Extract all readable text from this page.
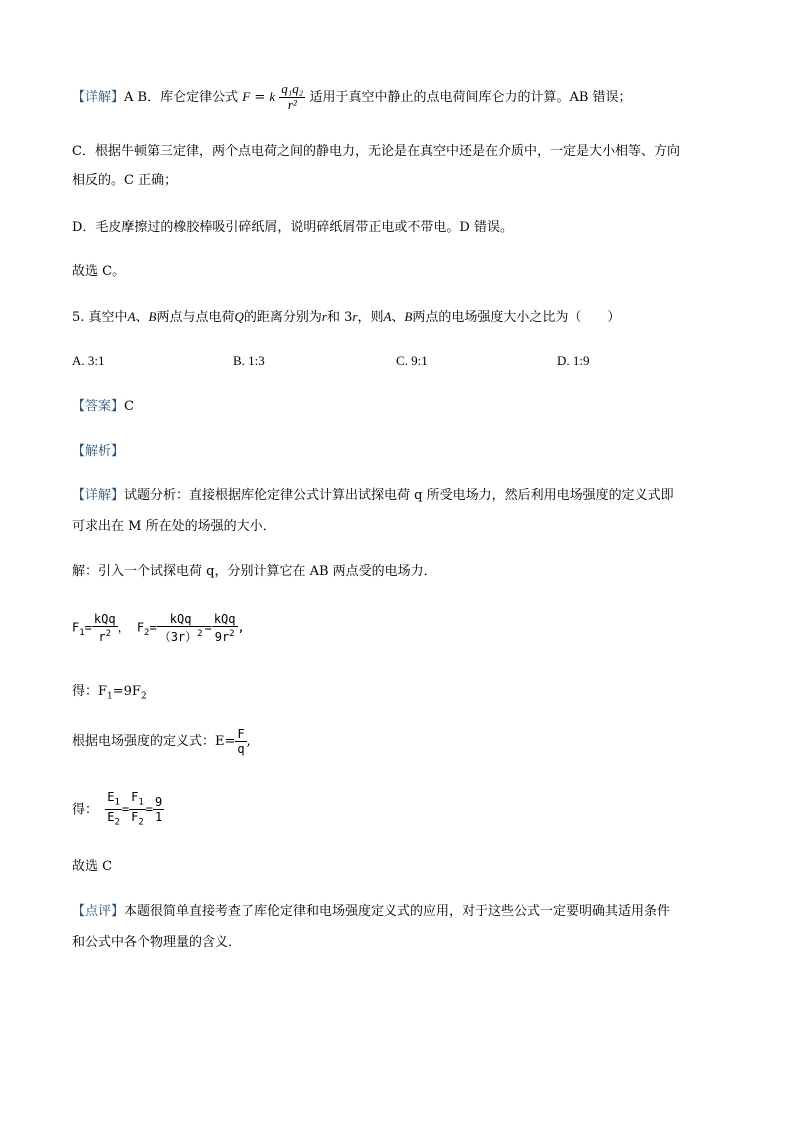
【详解】A B．库仑定律公式 F = k $\frac{\text{q₁q₂}}{\text{r²}}$ 适用于真空中静止的点电荷间库仑力的计算。AB 错误；
C．根据牛顿第三定律，两个点电荷之间的静电力，无论是在真空中还是在介质中，一定是大小相等、方向
相反的。C 正确；
D．毛皮摩擦过的橡胶棒吸引碎纸屑，说明碎纸屑带正电或不带电。D 错误。
故选 C。
5. 真空中A、B两点与点电荷Q的距离分别为r和 3r，则A、B两点的电场强度大小之比为（　　）
A. 3:1	B. 1:3	C. 9:1	D. 1:9
【答案】C
【解析】
【详解】试题分析：直接根据库伦定律公式计算出试探电荷 q 所受电场力，然后利用电场强度的定义式即
可求出在 M 所在处的场强的大小．
解：引入一个试探电荷 q，分别计算它在 AB 两点受的电场力．
$F_1= \frac{\text{kQq}}{r^2}$ ， $F_2= \frac{\text{kQq}}{(3r)^2} = \frac{\text{kQq}}{9r^2}$ ,
得：$F_1=9F_2$
根据电场强度的定义式：$E= \frac{F}{q}$ ,
得： $\frac{E_1}{E_2} = \frac{F_1}{F_2} = \frac{9}{1}$
故选 C
【点评】本题很简单直接考查了库伦定律和电场强度定义式的应用，对于这些公式一定要明确其适用条件
和公式中各个物理量的含义．
